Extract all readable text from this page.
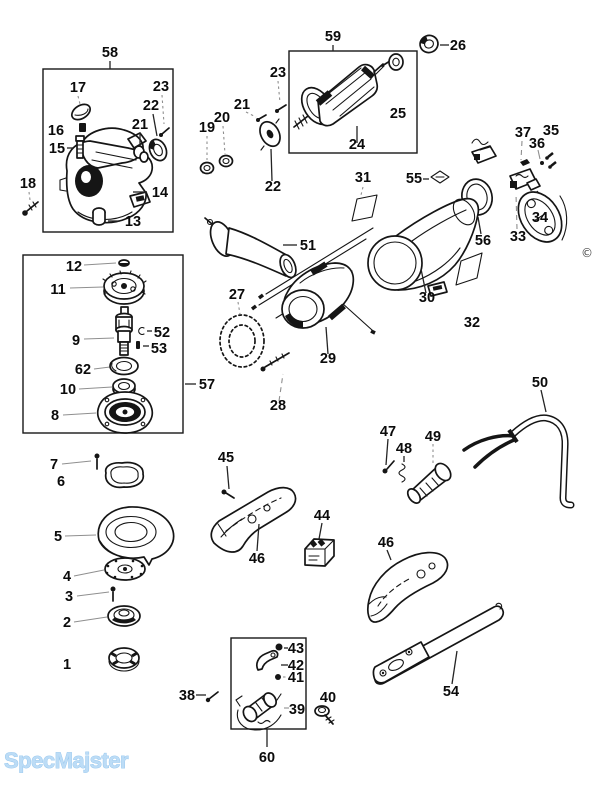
58
17	23
22
21
16
15
14
13
18
59
23
25
24
19
20
21
22
26
37 35
36
34
33
55
31
30
56
32
29
28
27
51
57
12
11
9	52
53
62
10
8
50
49
47
48
7
6
5
4
3
2
1
45
46
44
46
54
43
42
41
39
38	40
60
SpecMajster
©
